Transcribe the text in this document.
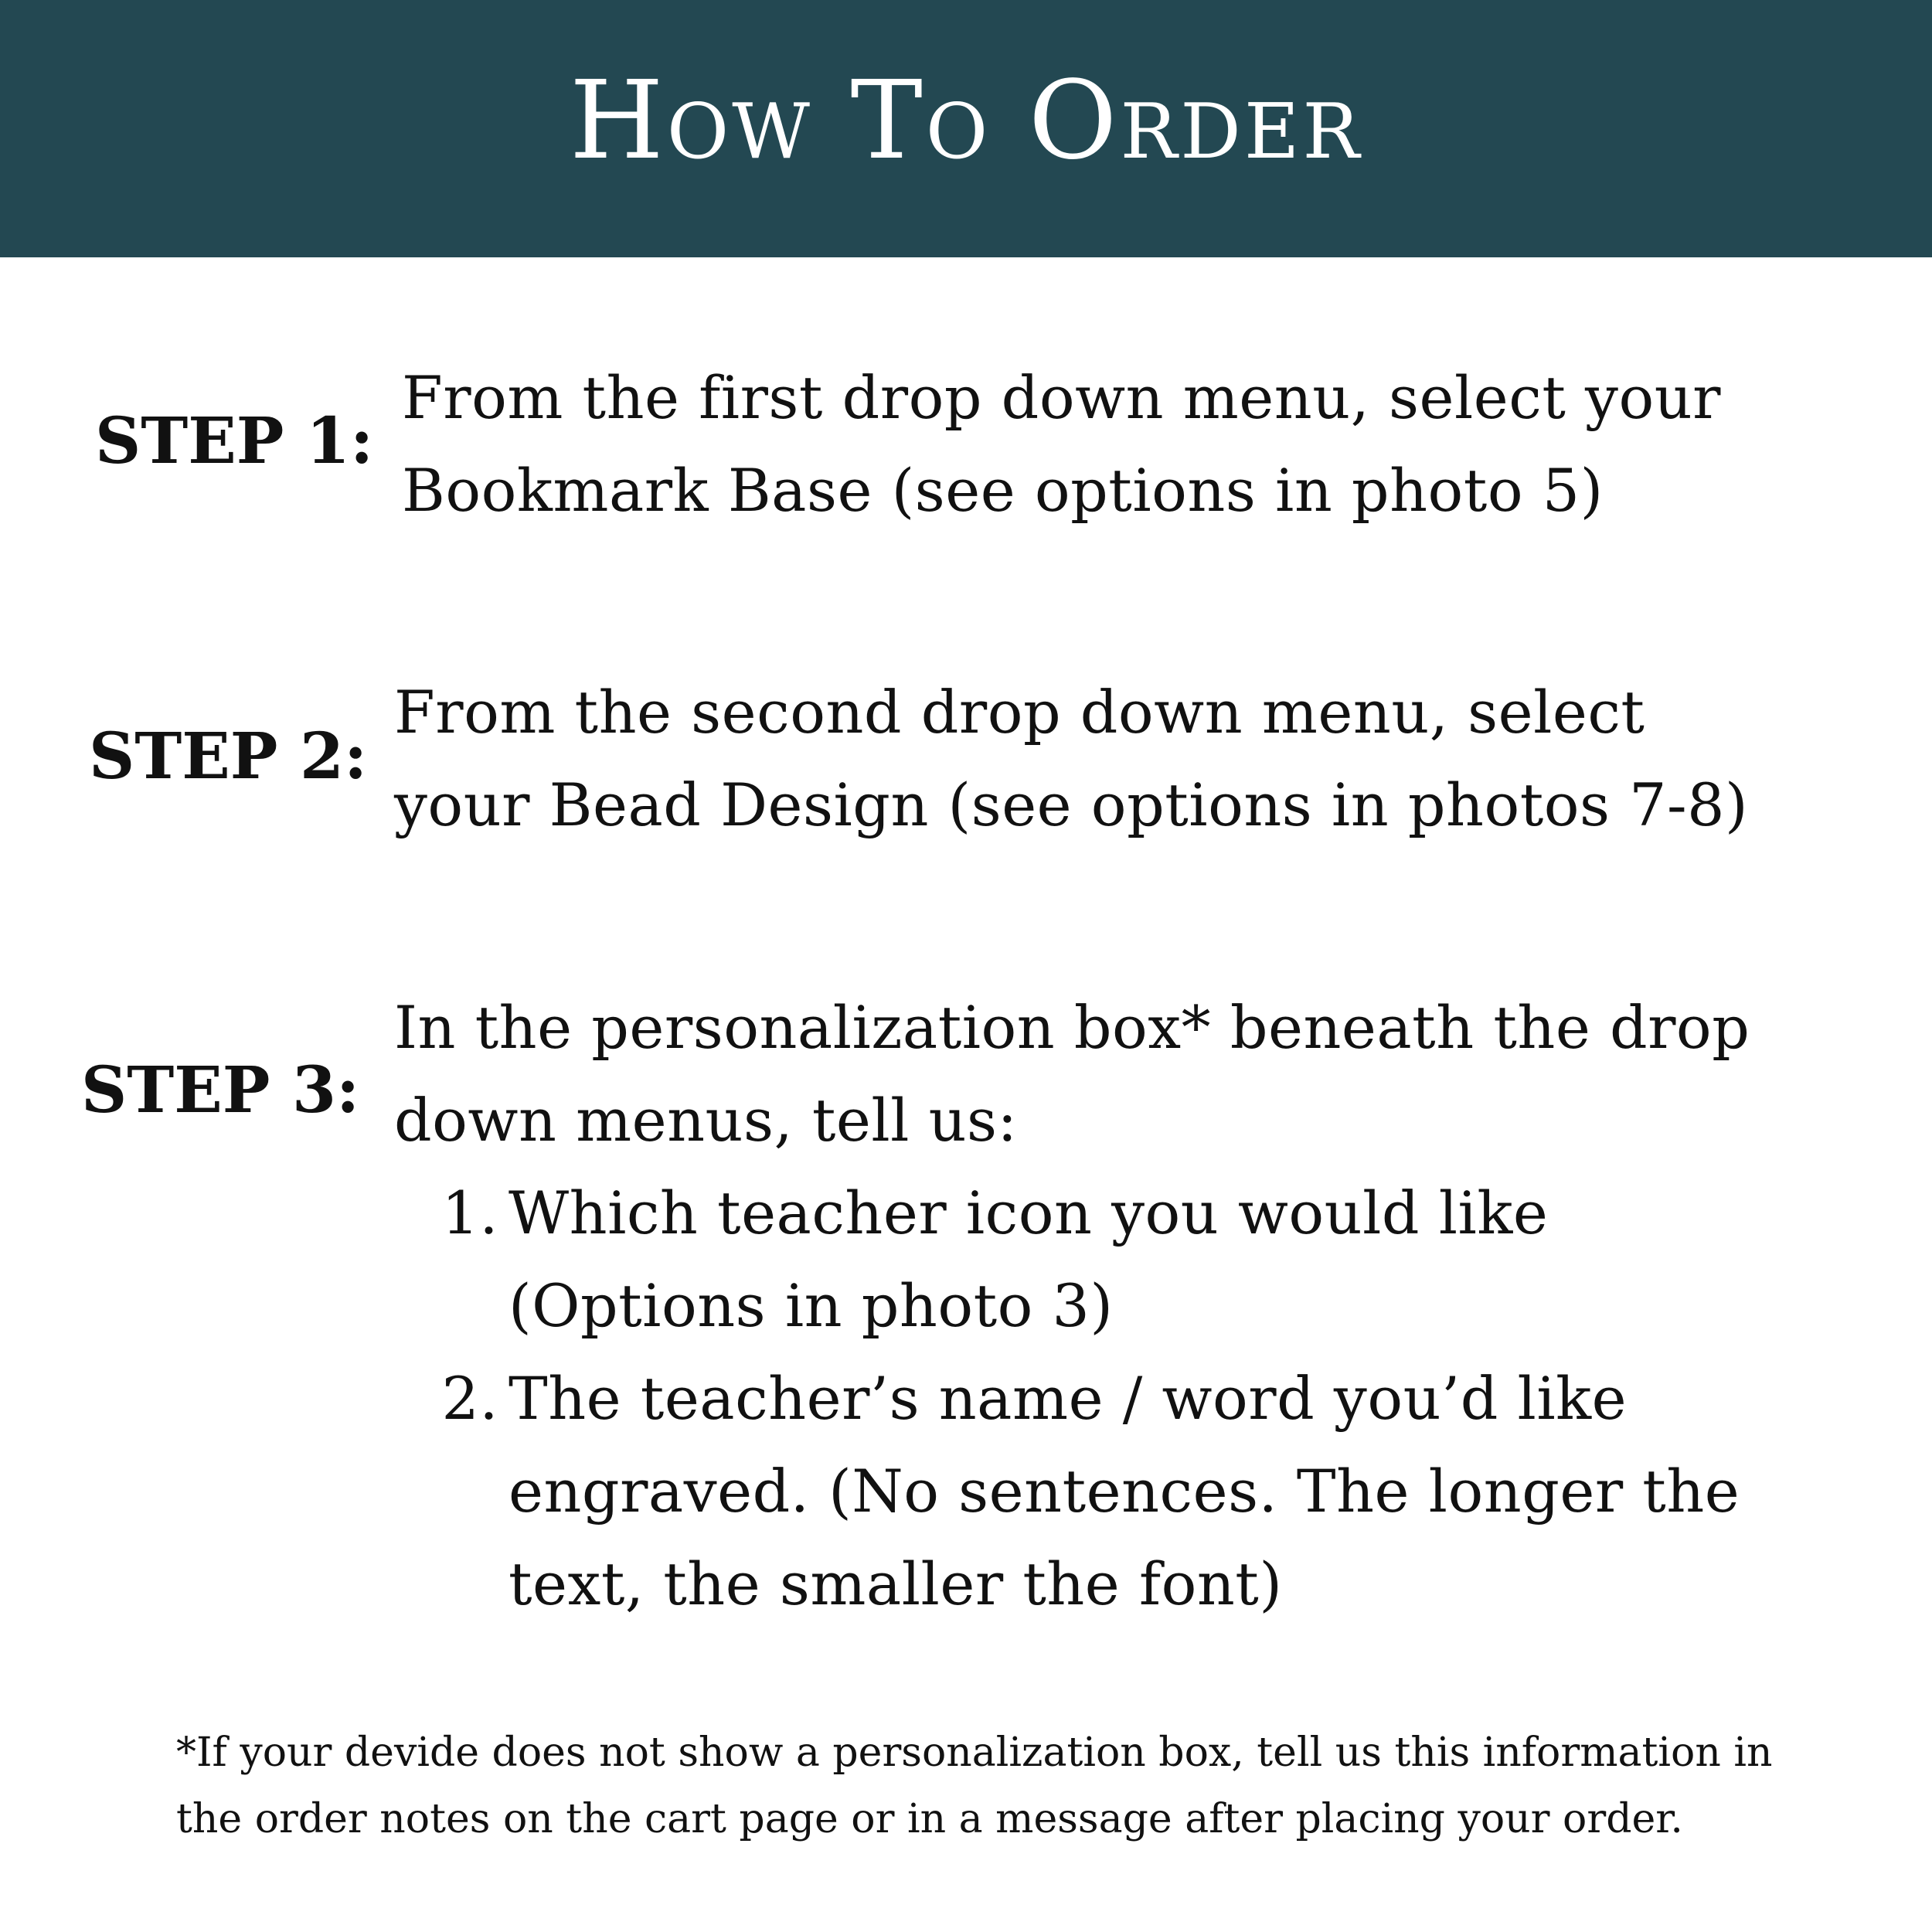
How To Order
STEP 1:

From the first drop down menu, select your

Bookmark Base (see options in photo 5)

STEP 2:

From the second drop down menu, select

your Bead Design (see options in photos 7-8)

STEP 3:

In the personalization box* beneath the drop

down menus, tell us:

1. Which teacher icon you would like
(Options in photo 3)
2. The teacher’s name / word you’d like
engraved. (No sentences. The longer the
text, the smaller the font)

*If your devide does not show a personalization box, tell us this information in

the order notes on the cart page or in a message after placing your order.
